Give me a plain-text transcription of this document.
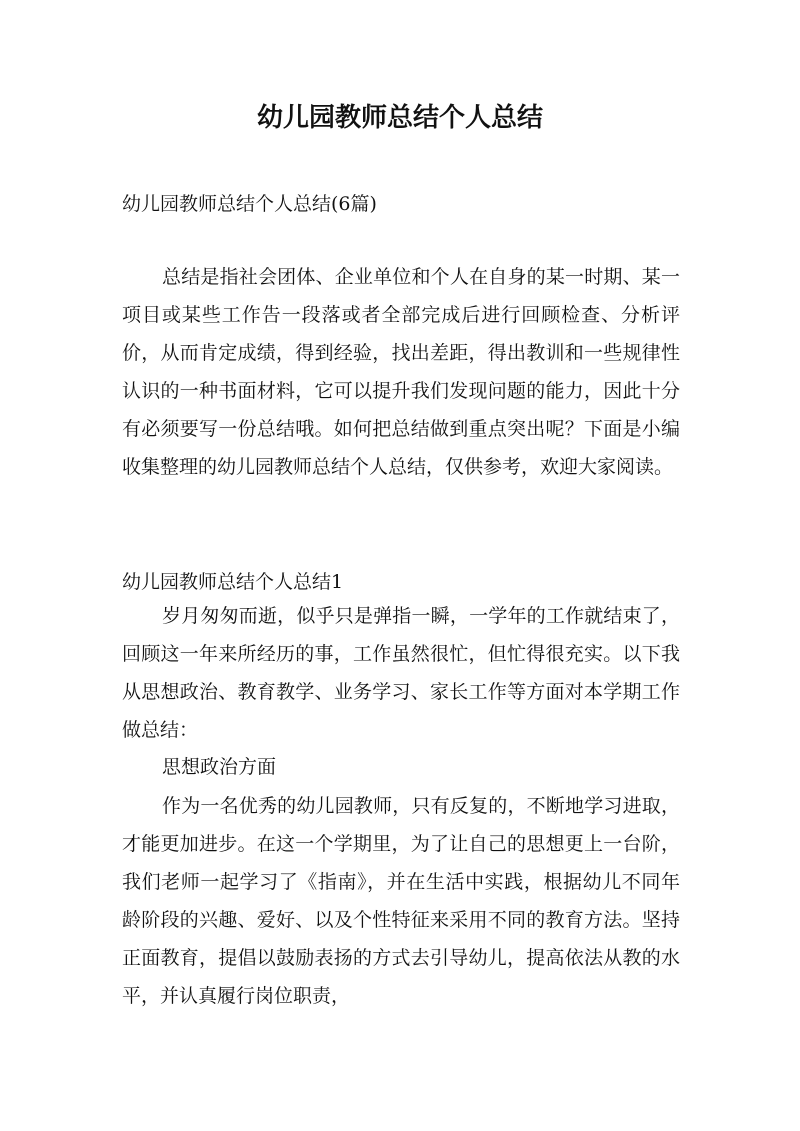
幼儿园教师总结个人总结

幼儿园教师总结个人总结(6篇)

总结是指社会团体、企业单位和个人在自身的某一时期、某一项目或某些工作告一段落或者全部完成后进行回顾检查、分析评价，从而肯定成绩，得到经验，找出差距，得出教训和一些规律性认识的一种书面材料，它可以提升我们发现问题的能力，因此十分有必须要写一份总结哦。如何把总结做到重点突出呢？下面是小编收集整理的幼儿园教师总结个人总结，仅供参考，欢迎大家阅读。

幼儿园教师总结个人总结1

岁月匆匆而逝，似乎只是弹指一瞬，一学年的工作就结束了，回顾这一年来所经历的事，工作虽然很忙，但忙得很充实。以下我从思想政治、教育教学、业务学习、家长工作等方面对本学期工作做总结：

思想政治方面

作为一名优秀的幼儿园教师，只有反复的，不断地学习进取，才能更加进步。在这一个学期里，为了让自己的思想更上一台阶，我们老师一起学习了《指南》，并在生活中实践，根据幼儿不同年龄阶段的兴趣、爱好、以及个性特征来采用不同的教育方法。坚持正面教育，提倡以鼓励表扬的方式去引导幼儿，提高依法从教的水平，并认真履行岗位职责，
